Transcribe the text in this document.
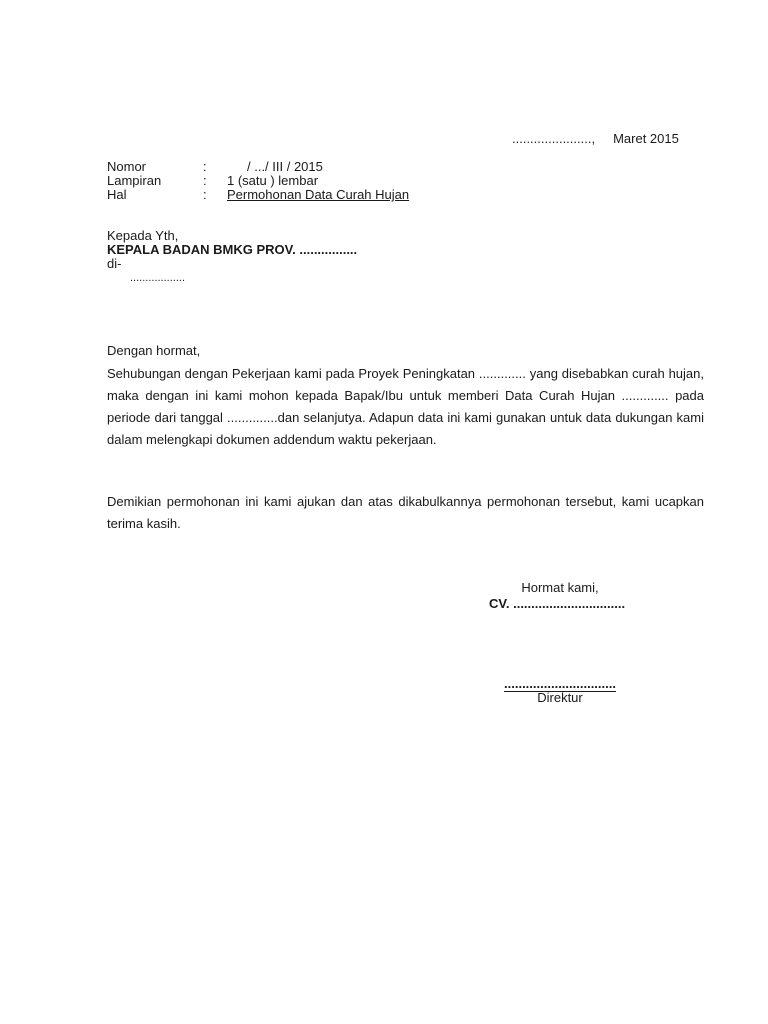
......................, Maret 2015
Nomor	:	/ .../ III / 2015
Lampiran	:	1 (satu ) lembar
Hal	:	Permohonan Data Curah Hujan
Kepada Yth,
KEPALA BADAN BMKG PROV. ................
di-
..................

Dengan hormat,

Sehubungan dengan Pekerjaan kami pada Proyek Peningkatan ............. yang disebabkan curah hujan, maka dengan ini kami mohon kepada Bapak/Ibu untuk memberi Data Curah Hujan ............. pada periode dari tanggal ..............dan selanjutya. Adapun data ini kami gunakan untuk data dukungan kami dalam melengkapi dokumen addendum waktu pekerjaan.

Demikian permohonan ini kami ajukan dan atas dikabulkannya permohonan tersebut, kami ucapkan terima kasih.

Hormat kami,
CV. ...............................
...............................
Direktur
